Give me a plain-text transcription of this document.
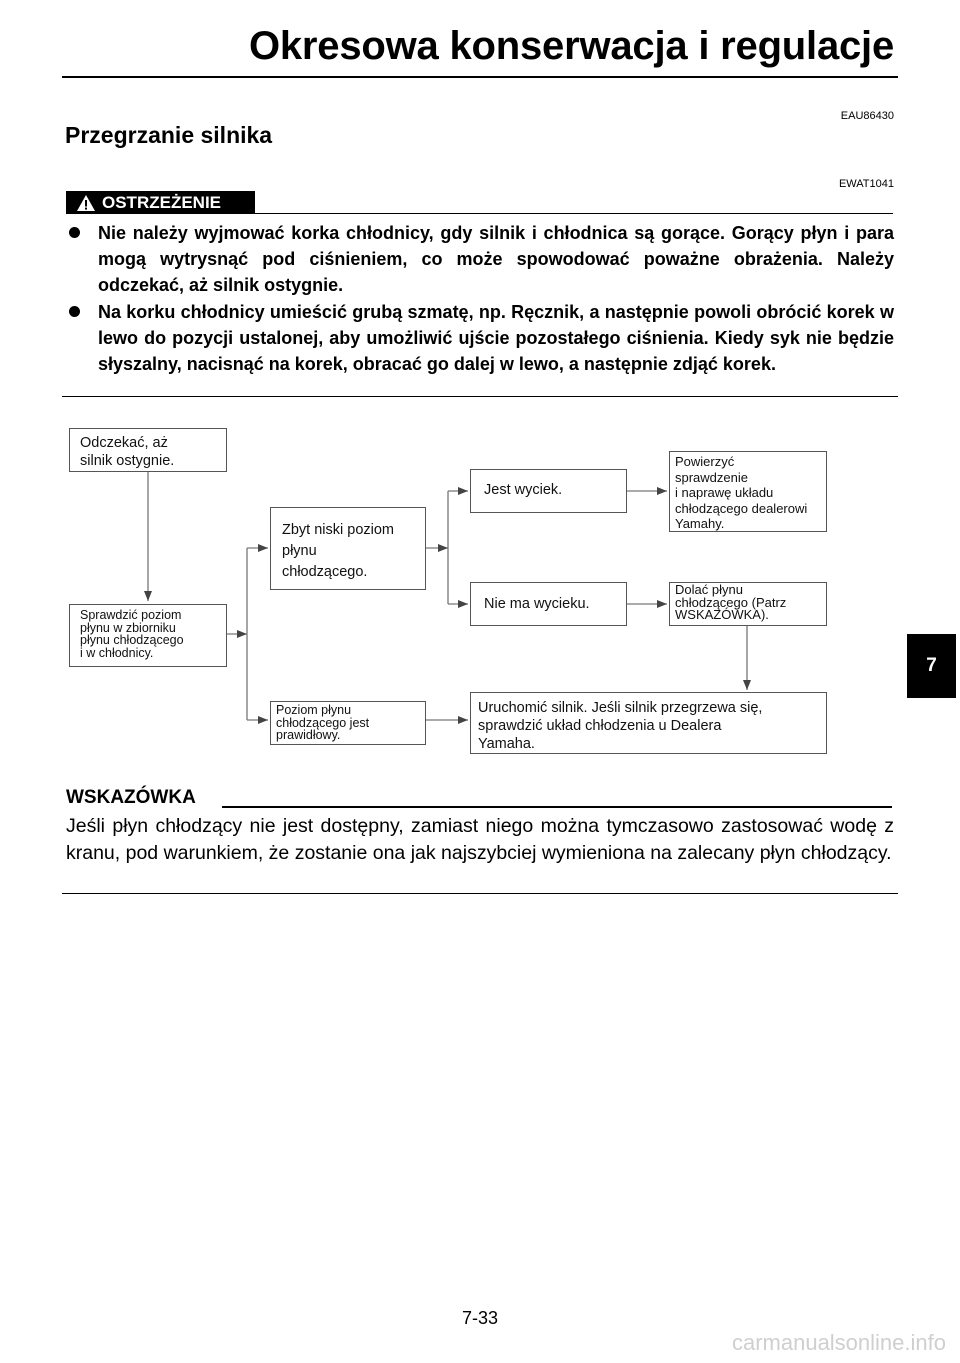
Okresowa konserwacja i regulacje
EAU86430
Przegrzanie silnika
EWAT1041
OSTRZEŻENIE
Nie należy wyjmować korka chłodnicy, gdy silnik i chłodnica są gorące. Gorący płyn i para mogą wytrysnąć pod ciśnieniem, co może spowodować poważne obrażenia. Należy odczekać, aż silnik ostygnie.
Na korku chłodnicy umieścić grubą szmatę, np. Ręcznik, a następnie powoli obrócić korek w lewo do pozycji ustalonej, aby umożliwić ujście pozostałego ciśnienia. Kiedy syk nie będzie słyszalny, nacisnąć na korek, obracać go dalej w lewo, a następnie zdjąć korek.
Odczekać, aż
silnik ostygnie.
Sprawdzić poziom
płynu w zbiorniku
płynu chłodzącego
i w chłodnicy.
Zbyt niski poziom
płynu
chłodzącego.
Poziom płynu
chłodzącego jest
prawidłowy.
Jest wyciek.
Nie ma wycieku.
Powierzyć
sprawdzenie
i naprawę układu
chłodzącego dealerowi
Yamahy.
Dolać płynu
chłodzącego (Patrz
WSKAZÓWKA).
Uruchomić silnik. Jeśli silnik przegrzewa się,
sprawdzić układ chłodzenia u Dealera
Yamaha.
WSKAZÓWKA
Jeśli płyn chłodzący nie jest dostępny, zamiast niego można tymczasowo zastosować wodę z kranu, pod warunkiem, że zostanie ona jak najszybciej wymieniona na zalecany płyn chłodzący.
7
7-33
carmanualsonline.info
